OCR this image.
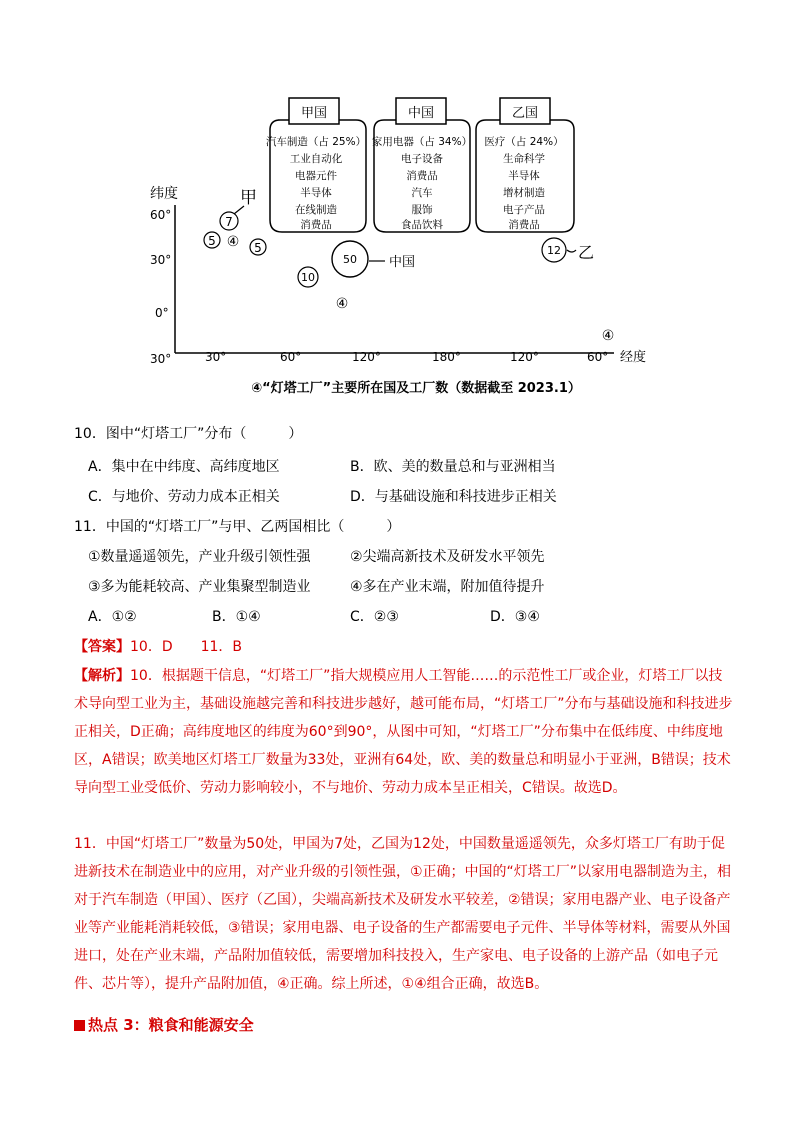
甲国
汽车制造（占 25%）
工业自动化
电器元件
半导体
在线制造
消费品
中国
家用电器（占 34%）
电子设备
消费品
汽车
服饰
食品饮料
乙国
医疗（占 24%）
生命科学
半导体
增材制造
电子产品
消费品
纬度
经度
60°
30°
0°
30°	30°	60°	120°	180°	120°	60°
7
5 ④ 5
10
50
④
12
④
甲
中国
乙
④“灯塔工厂”主要所在国及工厂数（数据截至 2023.1）
10．图中“灯塔工厂”分布（　　　）
A．集中在中纬度、高纬度地区	B．欧、美的数量总和与亚洲相当
C．与地价、劳动力成本正相关	D．与基础设施和科技进步正相关
11．中国的“灯塔工厂”与甲、乙两国相比（　　　）
①数量遥遥领先，产业升级引领性强	②尖端高新技术及研发水平领先
③多为能耗较高、产业集聚型制造业	④多在产业末端，附加值待提升
A．①②	B．①④	C．②③	D．③④
【答案】10．D　　11．B
【解析】10．根据题干信息，“灯塔工厂”指大规模应用人工智能……的示范性工厂或企业，灯塔工厂以技术导向型工业为主，基础设施越完善和科技进步越好，越可能布局，“灯塔工厂”分布与基础设施和科技进步正相关，D正确；高纬度地区的纬度为60°到90°，从图中可知，“灯塔工厂”分布集中在低纬度、中纬度地区，A错误；欧美地区灯塔工厂数量为33处，亚洲有64处，欧、美的数量总和明显小于亚洲，B错误；技术导向型工业受低价、劳动力影响较小，不与地价、劳动力成本呈正相关，C错误。故选D。
11．中国“灯塔工厂”数量为50处，甲国为7处，乙国为12处，中国数量遥遥领先，众多灯塔工厂有助于促进新技术在制造业中的应用，对产业升级的引领性强，①正确；中国的“灯塔工厂”以家用电器制造为主，相对于汽车制造（甲国）、医疗（乙国），尖端高新技术及研发水平较差，②错误；家用电器产业、电子设备产业等产业能耗消耗较低，③错误；家用电器、电子设备的生产都需要电子元件、半导体等材料，需要从外国进口，处在产业末端，产品附加值较低，需要增加科技投入，生产家电、电子设备的上游产品（如电子元件、芯片等），提升产品附加值，④正确。综上所述，①④组合正确，故选B。
热点 3：粮食和能源安全
